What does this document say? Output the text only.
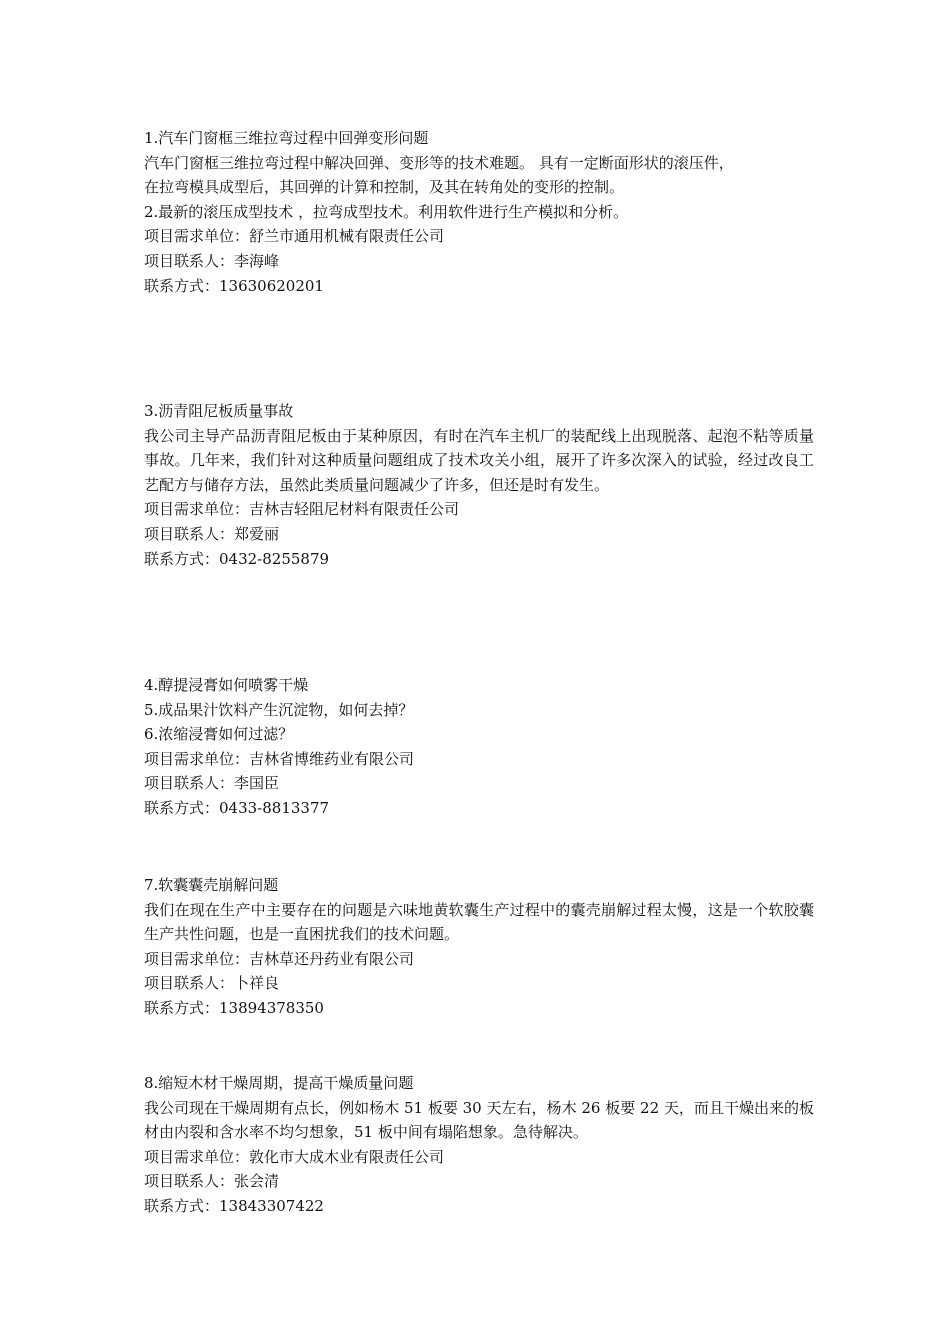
1.汽车门窗框三维拉弯过程中回弹变形问题
汽车门窗框三维拉弯过程中解决回弹、变形等的技术难题。 具有一定断面形状的滚压件，
在拉弯模具成型后，其回弹的计算和控制，及其在转角处的变形的控制。
2.最新的滚压成型技术 ，拉弯成型技术。利用软件进行生产模拟和分析。
项目需求单位：舒兰市通用机械有限责任公司
项目联系人：李海峰
联系方式：13630620201
3.沥青阻尼板质量事故
我公司主导产品沥青阻尼板由于某种原因，有时在汽车主机厂的装配线上出现脱落、起泡不粘等质量事故。几年来，我们针对这种质量问题组成了技术攻关小组，展开了许多次深入的试验，经过改良工艺配方与储存方法，虽然此类质量问题减少了许多，但还是时有发生。
项目需求单位：吉林吉轻阻尼材料有限责任公司
项目联系人：郑爱丽
联系方式：0432-8255879
4.醇提浸膏如何喷雾干燥
5.成品果汁饮料产生沉淀物，如何去掉？
6.浓缩浸膏如何过滤？
项目需求单位：吉林省博维药业有限公司
项目联系人：李国臣
联系方式：0433-8813377
7.软囊囊壳崩解问题
我们在现在生产中主要存在的问题是六味地黄软囊生产过程中的囊壳崩解过程太慢，这是一个软胶囊生产共性问题，也是一直困扰我们的技术问题。
项目需求单位：吉林草还丹药业有限公司
项目联系人：卜祥良
联系方式：13894378350
8.缩短木材干燥周期，提高干燥质量问题
我公司现在干燥周期有点长，例如杨木 51 板要 30 天左右，杨木 26 板要 22 天，而且干燥出来的板材由内裂和含水率不均匀想象，51 板中间有塌陷想象。急待解决。
项目需求单位：敦化市大成木业有限责任公司
项目联系人：张会清
联系方式：13843307422
